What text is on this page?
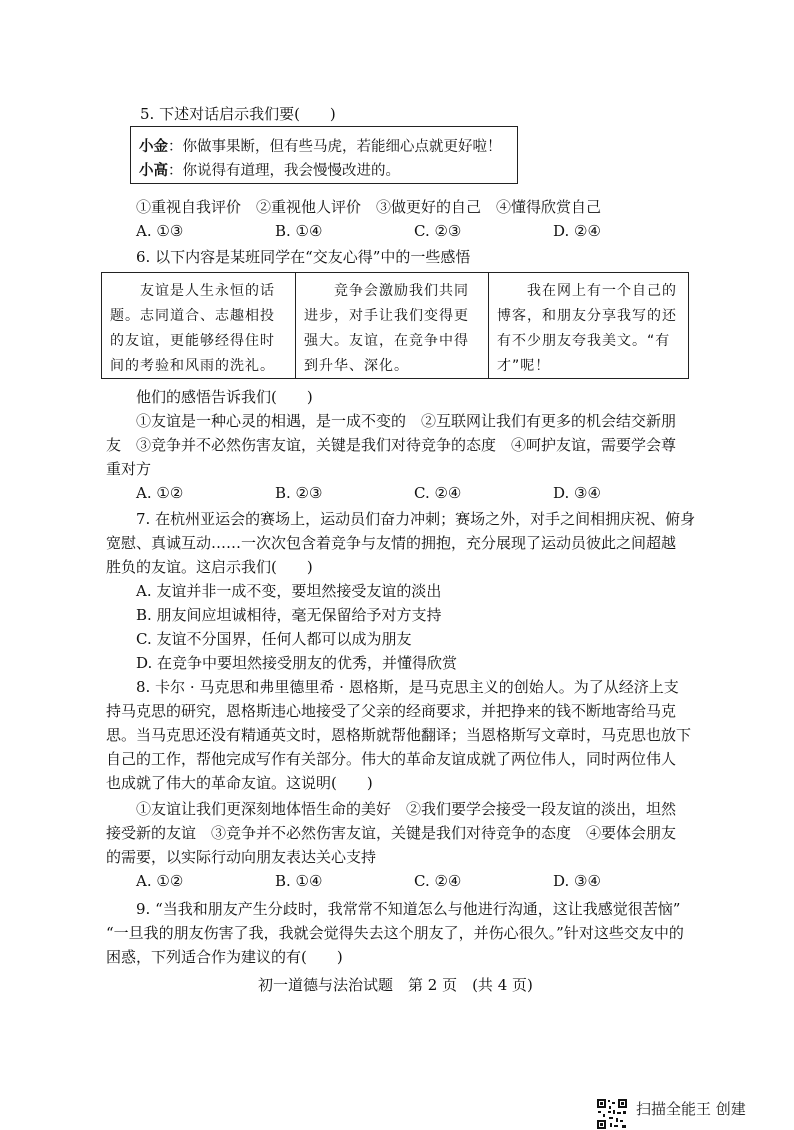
5. 下述对话启示我们要(　　)
小金：你做事果断，但有些马虎，若能细心点就更好啦！
小高：你说得有道理，我会慢慢改进的。
①重视自我评价　②重视他人评价　③做更好的自己　④懂得欣赏自己
A. ①③	B. ①④	C. ②③	D. ②④
6. 以下内容是某班同学在“交友心得”中的一些感悟
　　友谊是人生永恒的话题。志同道合、志趣相投的友谊，更能够经得住时间的考验和风雨的洗礼。
　　竞争会激励我们共同进步，对手让我们变得更强大。友谊，在竞争中得到升华、深化。
　　我在网上有一个自己的博客，和朋友分享我写的还有不少朋友夸我美文。“有才”呢！
他们的感悟告诉我们(　　)
①友谊是一种心灵的相遇，是一成不变的　②互联网让我们有更多的机会结交新朋
友　③竞争并不必然伤害友谊，关键是我们对待竞争的态度　④呵护友谊，需要学会尊
重对方
A. ①②	B. ②③	C. ②④	D. ③④
7. 在杭州亚运会的赛场上，运动员们奋力冲刺；赛场之外，对手之间相拥庆祝、俯身
宽慰、真诚互动……一次次包含着竞争与友情的拥抱，充分展现了运动员彼此之间超越
胜负的友谊。这启示我们(　　)
A. 友谊并非一成不变，要坦然接受友谊的淡出
B. 朋友间应坦诚相待，毫无保留给予对方支持
C. 友谊不分国界，任何人都可以成为朋友
D. 在竞争中要坦然接受朋友的优秀，并懂得欣赏
8. 卡尔 · 马克思和弗里德里希 · 恩格斯，是马克思主义的创始人。为了从经济上支
持马克思的研究，恩格斯违心地接受了父亲的经商要求，并把挣来的钱不断地寄给马克
思。当马克思还没有精通英文时，恩格斯就帮他翻译；当恩格斯写文章时，马克思也放下
自己的工作，帮他完成写作有关部分。伟大的革命友谊成就了两位伟人，同时两位伟人
也成就了伟大的革命友谊。这说明(　　)
①友谊让我们更深刻地体悟生命的美好　②我们要学会接受一段友谊的淡出，坦然
接受新的友谊　③竞争并不必然伤害友谊，关键是我们对待竞争的态度　④要体会朋友
的需要，以实际行动向朋友表达关心支持
A. ①②	B. ①④	C. ②④	D. ③④
9. “当我和朋友产生分歧时，我常常不知道怎么与他进行沟通，这让我感觉很苦恼”
“一旦我的朋友伤害了我，我就会觉得失去这个朋友了，并伤心很久。”针对这些交友中的
困惑，下列适合作为建议的有(　　)
初一道德与法治试题　第 2 页　(共 4 页)
扫描全能王 创建
